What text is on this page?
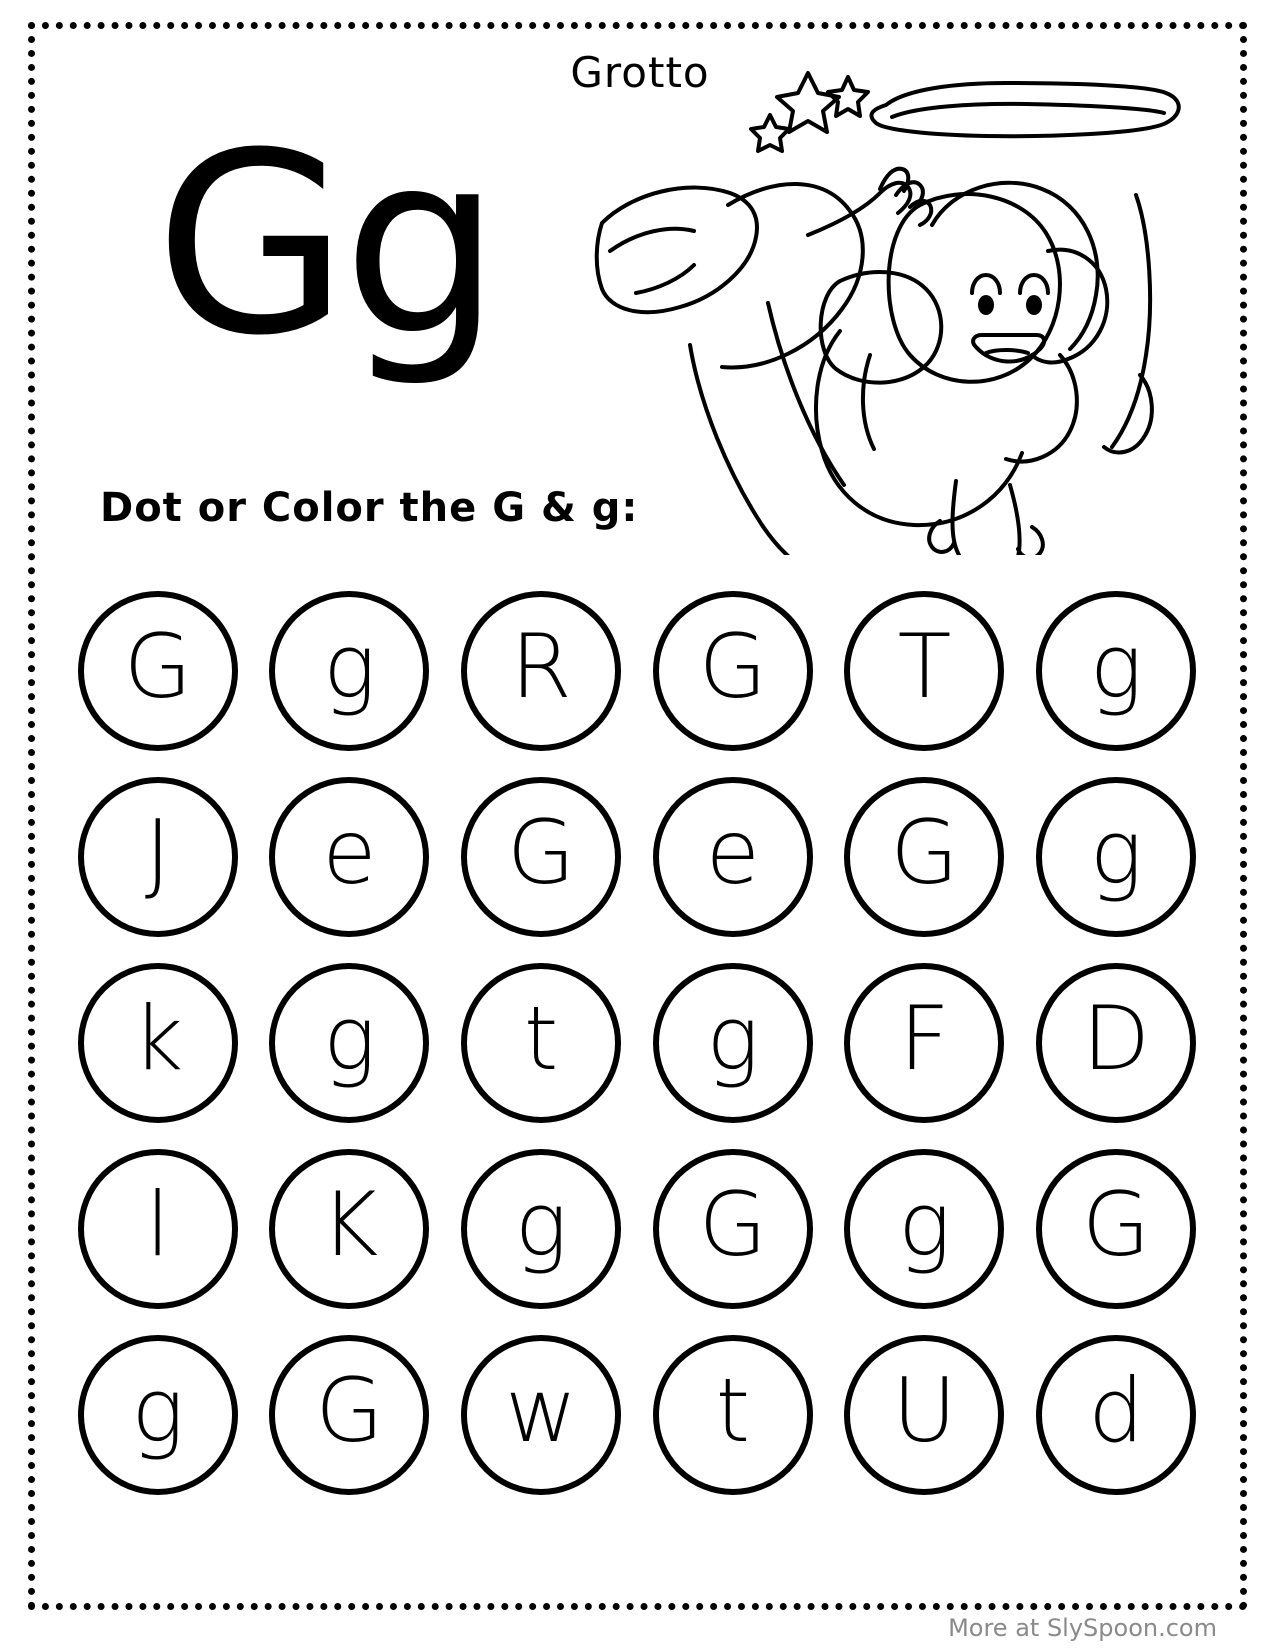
Grotto
Gg
Dot or Color the G & g:
G g R G T g
J e G e G g
k g t g F D
l K g G g G
g G w t U d
More at SlySpoon.com
